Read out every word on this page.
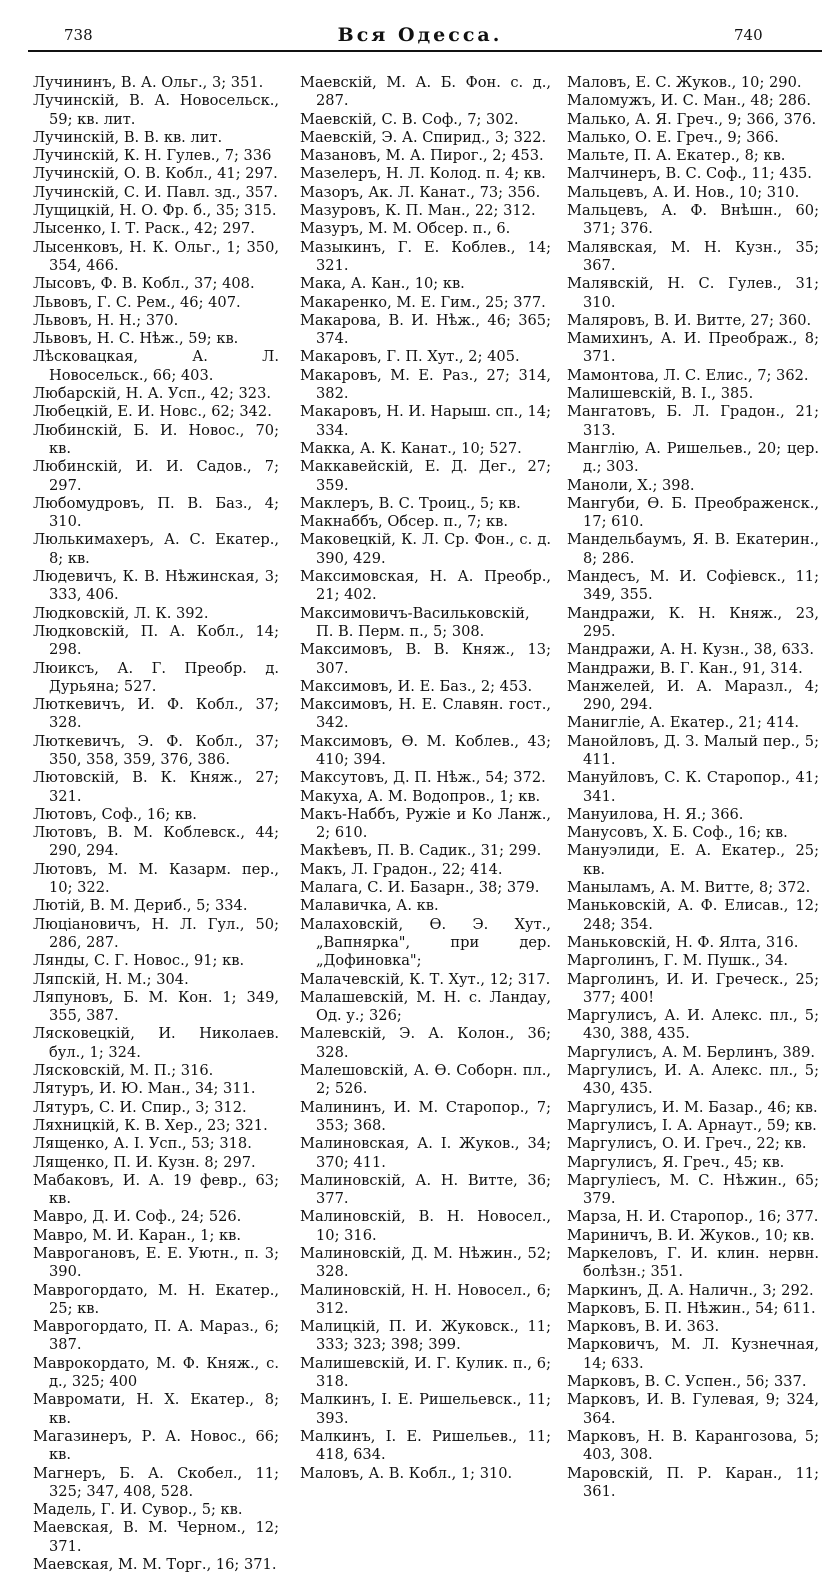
738	Вся Одесса.	740
Лучининъ, В. А. Ольг., 3; 351.
Лучинскій, В. А. Новосельск., 59; кв. лит.
Лучинскій, В. В. кв. лит.
Лучинскій, К. Н. Гулев., 7; 336
Лучинскій, О. В. Кобл., 41; 297.
Лучинскій, С. И. Павл. зд., 357.
Лущицкій, Н. О. Фр. б., 35; 315.
Лысенко, І. Т. Раск., 42; 297.
Лысенковъ, Н. К. Ольг., 1; 350, 354, 466.
Лысовъ, Ф. В. Кобл., 37; 408.
Львовъ, Г. С. Рем., 46; 407.
Львовъ, Н. Н.; 370.
Львовъ, Н. С. Нѣж., 59; кв.
Лѣсковацкая, А. Л. Новосельск., 66; 403.
Любарскій, Н. А. Усп., 42; 323.
Любецкій, Е. И. Новс., 62; 342.
Любинскій, Б. И. Новос., 70; кв.
Любинскій, И. И. Садов., 7; 297.
Любомудровъ, П. В. Баз., 4; 310.
Люлькимахеръ, А. С. Екатер., 8; кв.
Людевичъ, К. В. Нѣжинская, 3; 333, 406.
Людковскій, Л. К. 392.
Людковскій, П. А. Кобл., 14; 298.
Люиксъ, А. Г. Преобр. д. Дурьяна; 527.
Люткевичъ, И. Ф. Кобл., 37; 328.
Люткевичъ, Э. Ф. Кобл., 37; 350, 358, 359, 376, 386.
Лютовскій, В. К. Княж., 27; 321.
Лютовъ, Соф., 16; кв.
Лютовъ, В. М. Коблевск., 44; 290, 294.
Лютовъ, М. М. Казарм. пер., 10; 322.
Лютій, В. М. Дериб., 5; 334.
Люціановичъ, Н. Л. Гул., 50; 286, 287.
Лянды, С. Г. Новос., 91; кв.
Ляпскій, Н. М.; 304.
Ляпуновъ, Б. М. Кон. 1; 349, 355, 387.
Лясковецкій, И. Николаев. бул., 1; 324.
Лясковскій, М. П.; 316.
Лятуръ, И. Ю. Ман., 34; 311.
Лятуръ, С. И. Спир., 3; 312.
Ляхницкій, К. В. Хер., 23; 321.
Лященко, А. І. Усп., 53; 318.
Лященко, П. И. Кузн. 8; 297.
Мабаковъ, И. А. 19 февр., 63; кв.
Мавро, Д. И. Соф., 24; 526.
Мавро, М. И. Каран., 1; кв.
Маврогановъ, Е. Е. Уютн., п. 3; 390.
Маврогордато, М. Н. Екатер., 25; кв.
Маврогордато, П. А. Мараз., 6; 387.
Маврокордато, М. Ф. Княж., с. д., 325; 400
Мавромати, Н. Х. Екатер., 8; кв.
Магазинеръ, Р. А. Новос., 66; кв.
Магнеръ, Б. А. Скобел., 11; 325; 347, 408, 528.
Мадель, Г. И. Сувор., 5; кв.
Маевская, В. М. Черном., 12; 371.
Маевская, М. М. Торг., 16; 371.
Маевскій, М. А. Б. Фон. с. д., 287.
Маевскій, С. В. Соф., 7; 302.
Маевскій, Э. А. Спирид., 3; 322.
Мазановъ, М. А. Пирог., 2; 453.
Мазелеръ, Н. Л. Колод. п. 4; кв.
Мазоръ, Ак. Л. Канат., 73; 356.
Мазуровъ, К. П. Ман., 22; 312.
Мазуръ, М. М. Обсер. п., 6.
Мазыкинъ, Г. Е. Коблев., 14; 321.
Мака, А. Кан., 10; кв.
Макаренко, М. Е. Гим., 25; 377.
Макарова, В. И. Нѣж., 46; 365; 374.
Макаровъ, Г. П. Хут., 2; 405.
Макаровъ, М. Е. Раз., 27; 314, 382.
Макаровъ, Н. И. Нарыш. сп., 14; 334.
Макка, А. К. Канат., 10; 527.
Маккавейскій, Е. Д. Дег., 27; 359.
Маклеръ, В. С. Троиц., 5; кв.
Макнаббъ, Обсер. п., 7; кв.
Маковецкій, К. Л. Ср. Фон., с. д. 390, 429.
Максимовская, Н. А. Преобр., 21; 402.
Максимовичъ-Васильковскій, П. В. Перм. п., 5; 308.
Максимовъ, В. В. Княж., 13; 307.
Максимовъ, И. Е. Баз., 2; 453.
Максимовъ, Н. Е. Славян. гост., 342.
Максимовъ, Ѳ. М. Коблев., 43; 410; 394.
Максутовъ, Д. П. Нѣж., 54; 372.
Макуха, А. М. Водопров., 1; кв.
Макъ-Наббъ, Ружіе и Ко Ланж., 2; 610.
Макѣевъ, П. В. Садик., 31; 299.
Макъ, Л. Градон., 22; 414.
Малага, С. И. Базарн., 38; 379.
Малавичка, А. кв.
Малаховскій, Ѳ. Э. Хут., „Вапнярка", при дер. „Дофиновка";
Малачевскій, К. Т. Хут., 12; 317.
Малашевскій, М. Н. с. Ландау, Од. у.; 326;
Малевскій, Э. А. Колон., 36; 328.
Малешовскій, А. Ѳ. Соборн. пл., 2; 526.
Малининъ, И. М. Старопор., 7; 353; 368.
Малиновская, А. І. Жуков., 34; 370; 411.
Малиновскій, А. Н. Витте, 36; 377.
Малиновскій, В. Н. Новосел., 10; 316.
Малиновскій, Д. М. Нѣжин., 52; 328.
Малиновскій, Н. Н. Новосел., 6; 312.
Малицкій, П. И. Жуковск., 11; 333; 323; 398; 399.
Малишевскій, И. Г. Кулик. п., 6; 318.
Малкинъ, І. Е. Ришельевск., 11; 393.
Малкинъ, І. Е. Ришельев., 11; 418, 634.
Маловъ, А. В. Кобл., 1; 310.
Маловъ, Е. С. Жуков., 10; 290.
Маломужъ, И. С. Ман., 48; 286.
Малько, А. Я. Греч., 9; 366, 376.
Малько, О. Е. Греч., 9; 366.
Мальте, П. А. Екатер., 8; кв.
Малчинеръ, В. С. Соф., 11; 435.
Мальцевъ, А. И. Нов., 10; 310.
Мальцевъ, А. Ф. Внѣшн., 60; 371; 376.
Малявская, М. Н. Кузн., 35; 367.
Малявскій, Н. С. Гулев., 31; 310.
Маляровъ, В. И. Витте, 27; 360.
Мамихинъ, А. И. Преображ., 8; 371.
Мамонтова, Л. С. Елис., 7; 362.
Малишевскій, В. І., 385.
Мангатовъ, Б. Л. Градон., 21; 313.
Манглію, А. Ришельев., 20; цер. д.; 303.
Маноли, Х.; 398.
Мангуби, Ѳ. Б. Преображенск., 17; 610.
Мандельбаумъ, Я. В. Екатерин., 8; 286.
Мандесъ, М. И. Софіевск., 11; 349, 355.
Мандражи, К. Н. Княж., 23, 295.
Мандражи, А. Н. Кузн., 38, 633.
Мандражи, В. Г. Кан., 91, 314.
Манжелей, И. А. Маразл., 4; 290, 294.
Манигліе, А. Екатер., 21; 414.
Манойловъ, Д. З. Малый пер., 5; 411.
Мануйловъ, С. К. Старопор., 41; 341.
Мануилова, Н. Я.; 366.
Манусовъ, Х. Б. Соф., 16; кв.
Мануэлиди, Е. А. Екатер., 25; кв.
Маныламъ, А. М. Витте, 8; 372.
Маньковскій, А. Ф. Елисав., 12; 248; 354.
Маньковскій, Н. Ф. Ялта, 316.
Марголинъ, Г. М. Пушк., 34.
Марголинъ, И. И. Греческ., 25; 377; 400!
Маргулисъ, А. И. Алекс. пл., 5; 430, 388, 435.
Маргулисъ, А. М. Берлинъ, 389.
Маргулисъ, И. А. Алекс. пл., 5; 430, 435.
Маргулисъ, И. М. Базар., 46; кв.
Маргулисъ, І. А. Арнаут., 59; кв.
Маргулисъ, О. И. Греч., 22; кв.
Маргулисъ, Я. Греч., 45; кв.
Маргуліесъ, М. С. Нѣжин., 65; 379.
Марза, Н. И. Старопор., 16; 377.
Мариничъ, В. И. Жуков., 10; кв.
Маркеловъ, Г. И. клин. нервн. болѣзн.; 351.
Маркинъ, Д. А. Наличн., 3; 292.
Марковъ, Б. П. Нѣжин., 54; 611.
Марковъ, В. И. 363.
Марковичъ, М. Л. Кузнечная, 14; 633.
Марковъ, В. С. Успен., 56; 337.
Марковъ, И. В. Гулевая, 9; 324, 364.
Марковъ, Н. В. Карангозова, 5; 403, 308.
Маровскій, П. Р. Каран., 11; 361.
